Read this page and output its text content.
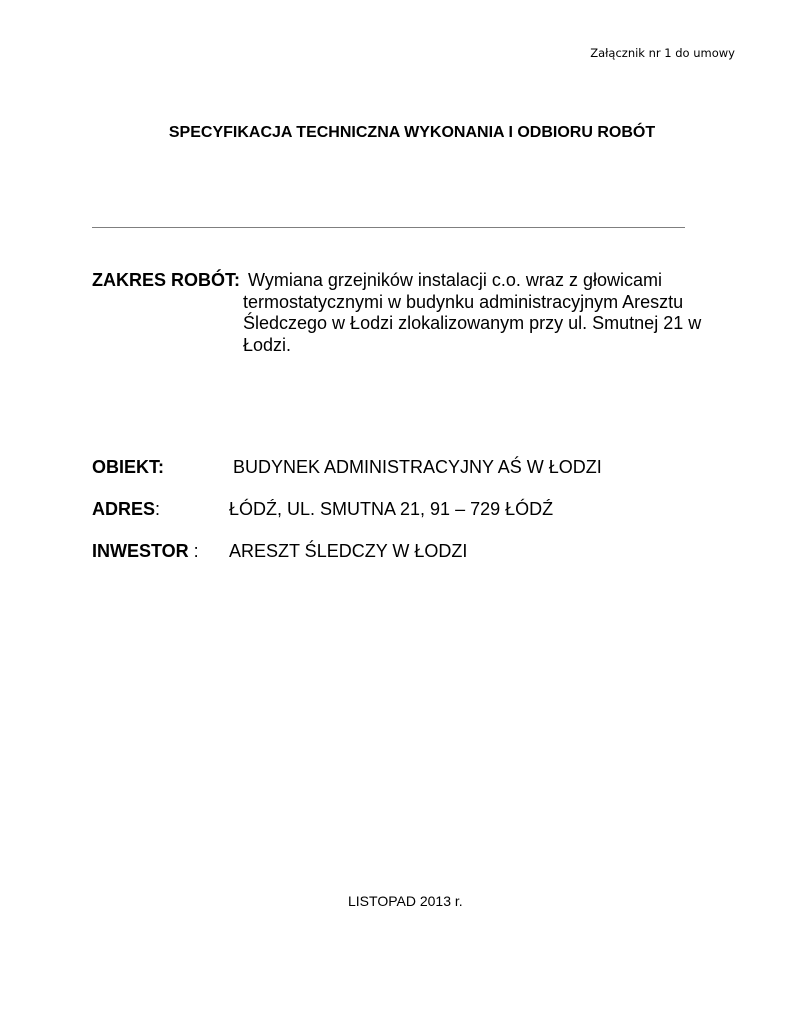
Załącznik nr 1 do umowy
SPECYFIKACJA TECHNICZNA WYKONANIA I ODBIORU ROBÓT
ZAKRES ROBÓT: Wymiana grzejników instalacji c.o. wraz z głowicami
termostatycznymi w budynku administracyjnym Aresztu
Śledczego w Łodzi zlokalizowanym przy ul. Smutnej 21 w
Łodzi.
OBIEKT:	BUDYNEK ADMINISTRACYJNY AŚ W ŁODZI
ADRES:	ŁÓDŹ, UL. SMUTNA 21, 91 – 729 ŁÓDŹ
INWESTOR : ARESZT ŚLEDCZY W ŁODZI
LISTOPAD 2013 r.
